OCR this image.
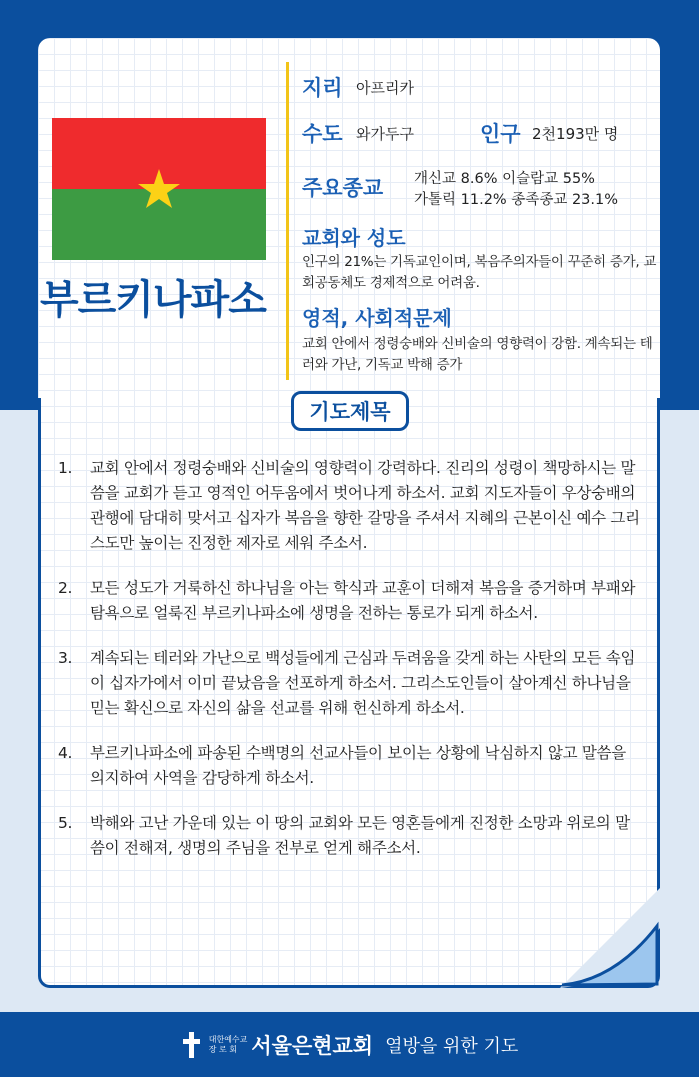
부르키나파소
지리 아프리카
수도 와가두구	인구 2천193만 명
주요종교 개신교 8.6% 이슬람교 55%
가톨릭 11.2% 종족종교 23.1%
교회와 성도
인구의 21%는 기독교인이며, 복음주의자들이 꾸준히 증가, 교회공동체도 경제적으로 어려움.
영적, 사회적문제
교회 안에서 정령숭배와 신비술의 영향력이 강함. 계속되는 테러와 가난, 기독교 박해 증가
기도제목
1.	교회 안에서 정령숭배와 신비술의 영향력이 강력하다. 진리의 성령이 책망하시는 말씀을 교회가 듣고 영적인 어두움에서 벗어나게 하소서. 교회 지도자들이 우상숭배의 관행에 담대히 맞서고 십자가 복음을 향한 갈망을 주셔서 지혜의 근본이신 예수 그리스도만 높이는 진정한 제자로 세워 주소서.
2.	모든 성도가 거룩하신 하나님을 아는 학식과 교훈이 더해져 복음을 증거하며 부패와 탐욕으로 얼룩진 부르키나파소에 생명을 전하는 통로가 되게 하소서.
3.	계속되는 테러와 가난으로 백성들에게 근심과 두려움을 갖게 하는 사탄의 모든 속임이 십자가에서 이미 끝났음을 선포하게 하소서. 그리스도인들이 살아계신 하나님을 믿는 확신으로 자신의 삶을 선교를 위해 헌신하게 하소서.
4.	부르키나파소에 파송된 수백명의 선교사들이 보이는 상황에 낙심하지 않고 말씀을 의지하여 사역을 감당하게 하소서.
5.	박해와 고난 가운데 있는 이 땅의 교회와 모든 영혼들에게 진정한 소망과 위로의 말씀이 전해져, 생명의 주님을 전부로 얻게 해주소서.
대한예수교
장 로 회 서울은현교회 열방을 위한 기도
